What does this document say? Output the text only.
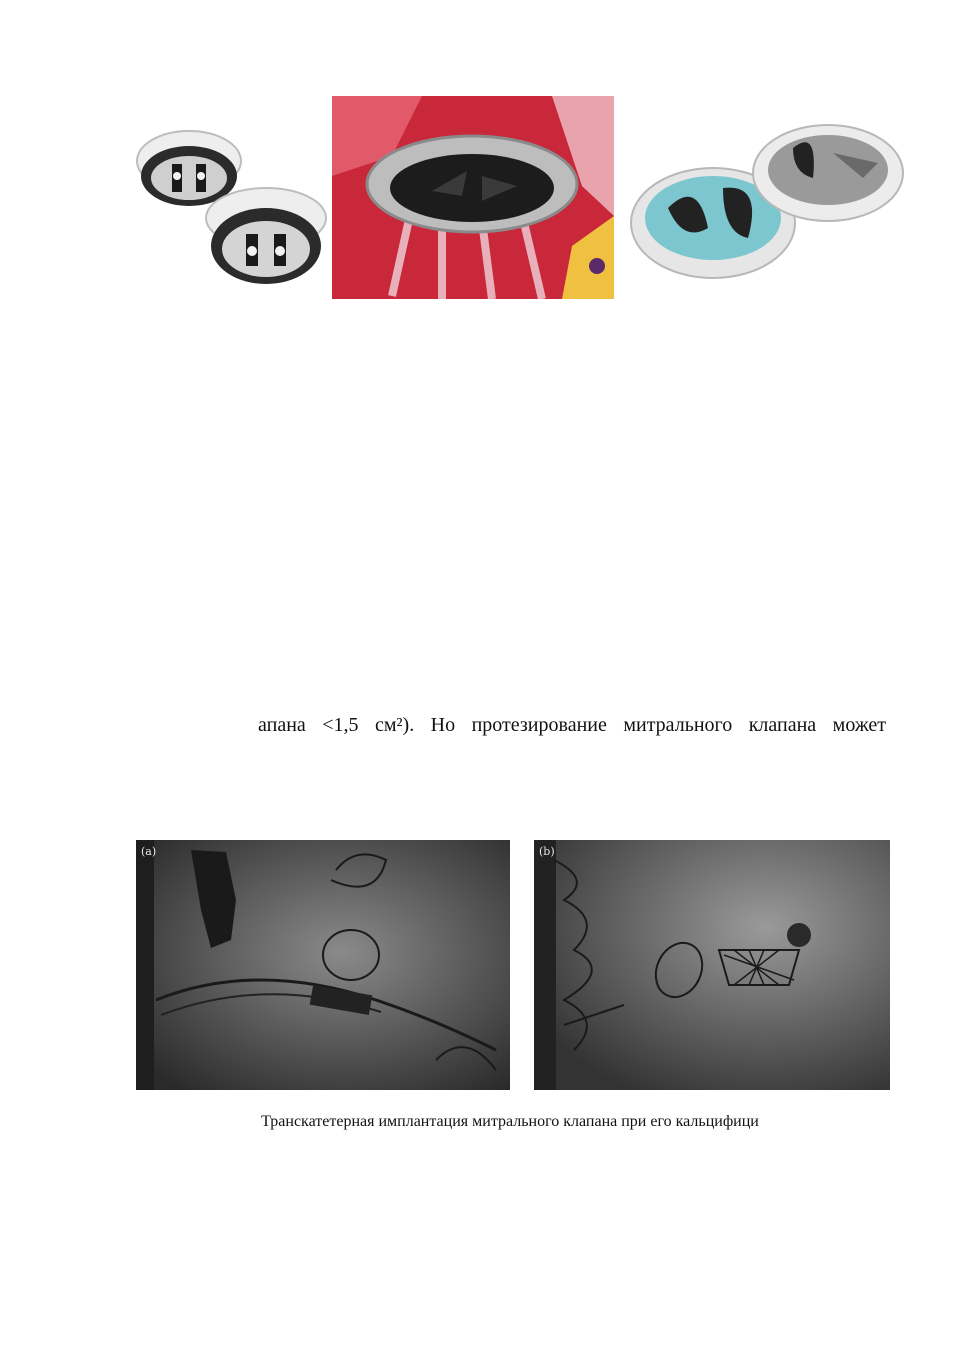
апана <1,5 см²). Но протезирование митрального клапана может
(a)	(b)
Транскатетерная имплантация митрального клапана при его кальцифици
